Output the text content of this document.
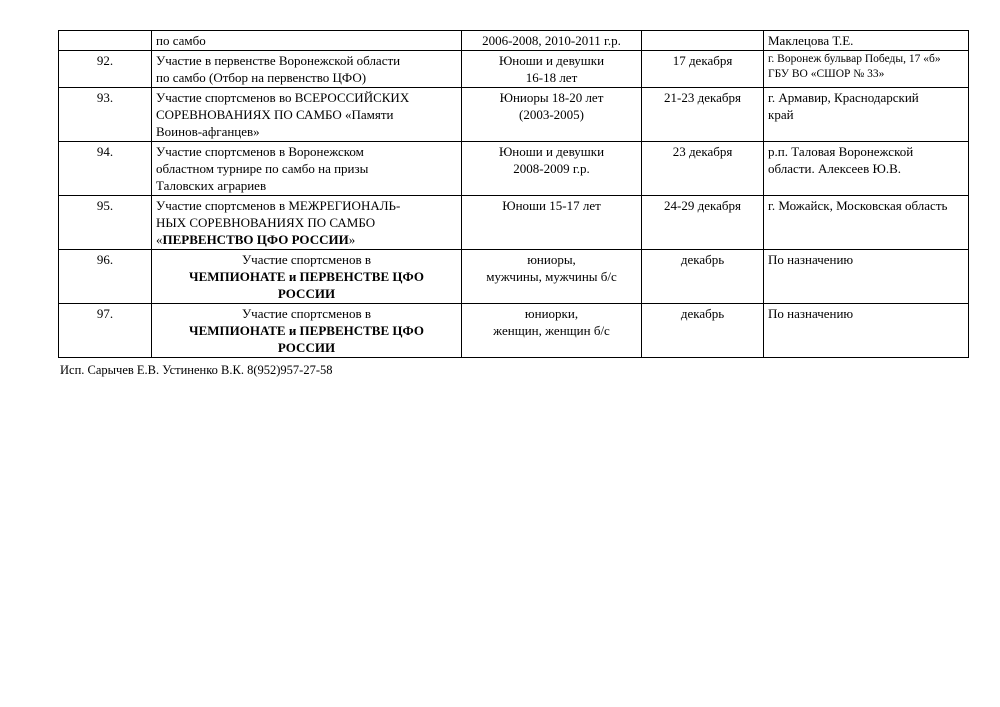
	по самбо	2006-2008, 2010-2011 г.р.		Маклецова Т.Е.
92.	Участие в первенстве Воронежской области
по самбо (Отбор на первенство ЦФО)	Юноши и девушки
16-18 лет	17 декабря	г. Воронеж бульвар Победы, 17 «б»
ГБУ ВО «СШОР № 33»

93.	Участие спортсменов во ВСЕРОССИЙСКИХ
СОРЕВНОВАНИЯХ ПО САМБО «Памяти
Воинов-афганцев»	Юниоры 18-20 лет
(2003-2005)	21-23 декабря	г. Армавир, Краснодарский
край

94.	Участие спортсменов в Воронежском
областном турнире по самбо на призы
Таловских аграриев	Юноши и девушки
2008-2009 г.р.	23 декабря	р.п. Таловая Воронежской
области. Алексеев Ю.В.

95.	Участие спортсменов в МЕЖРЕГИОНАЛЬ-
НЫХ СОРЕВНОВАНИЯХ ПО САМБО
«ПЕРВЕНСТВО ЦФО РОССИИ»	Юноши 15-17 лет	24-29 декабря	г. Можайск, Московская область

96.	Участие спортсменов в
ЧЕМПИОНАТЕ и ПЕРВЕНСТВЕ ЦФО
РОССИИ	юниоры,
мужчины, мужчины б/с	декабрь	По назначению

97.	Участие спортсменов в
ЧЕМПИОНАТЕ и ПЕРВЕНСТВЕ ЦФО
РОССИИ	юниорки,
женщин, женщин б/с	декабрь	По назначению
Исп. Сарычев Е.В. Устиненко В.К. 8(952)957-27-58
